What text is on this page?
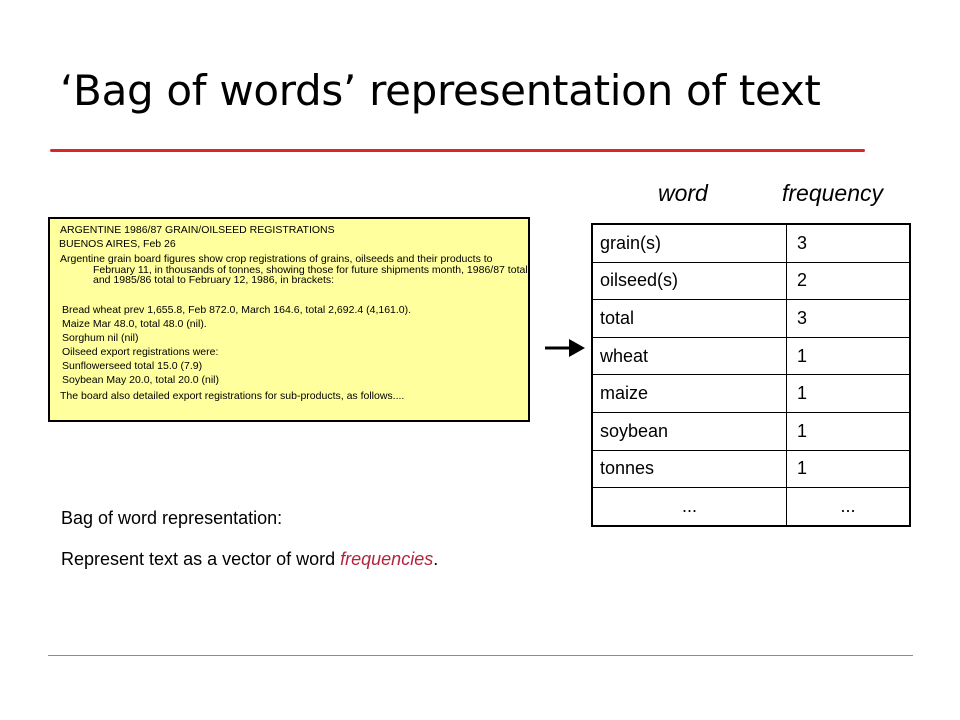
‘Bag of words’ representation of text
ARGENTINE 1986/87 GRAIN/OILSEED REGISTRATIONS
BUENOS AIRES, Feb 26
Argentine grain board figures show crop registrations of grains, oilseeds and their products to February 11, in thousands of tonnes, showing those for future shipments month, 1986/87 total and 1985/86 total to February 12, 1986, in brackets:
Bread wheat prev 1,655.8, Feb 872.0, March 164.6, total 2,692.4 (4,161.0).
Maize Mar 48.0, total 48.0 (nil).
Sorghum nil (nil)
Oilseed export registrations were:
Sunflowerseed total 15.0 (7.9)
Soybean May 20.0, total 20.0 (nil)
The board also detailed export registrations for sub-products, as follows....
word	frequency
grain(s)	3
oilseed(s)	2
total	3
wheat	1
maize	1
soybean	1
tonnes	1
...	...
Bag of word representation:
Represent text as a vector of word frequencies.
